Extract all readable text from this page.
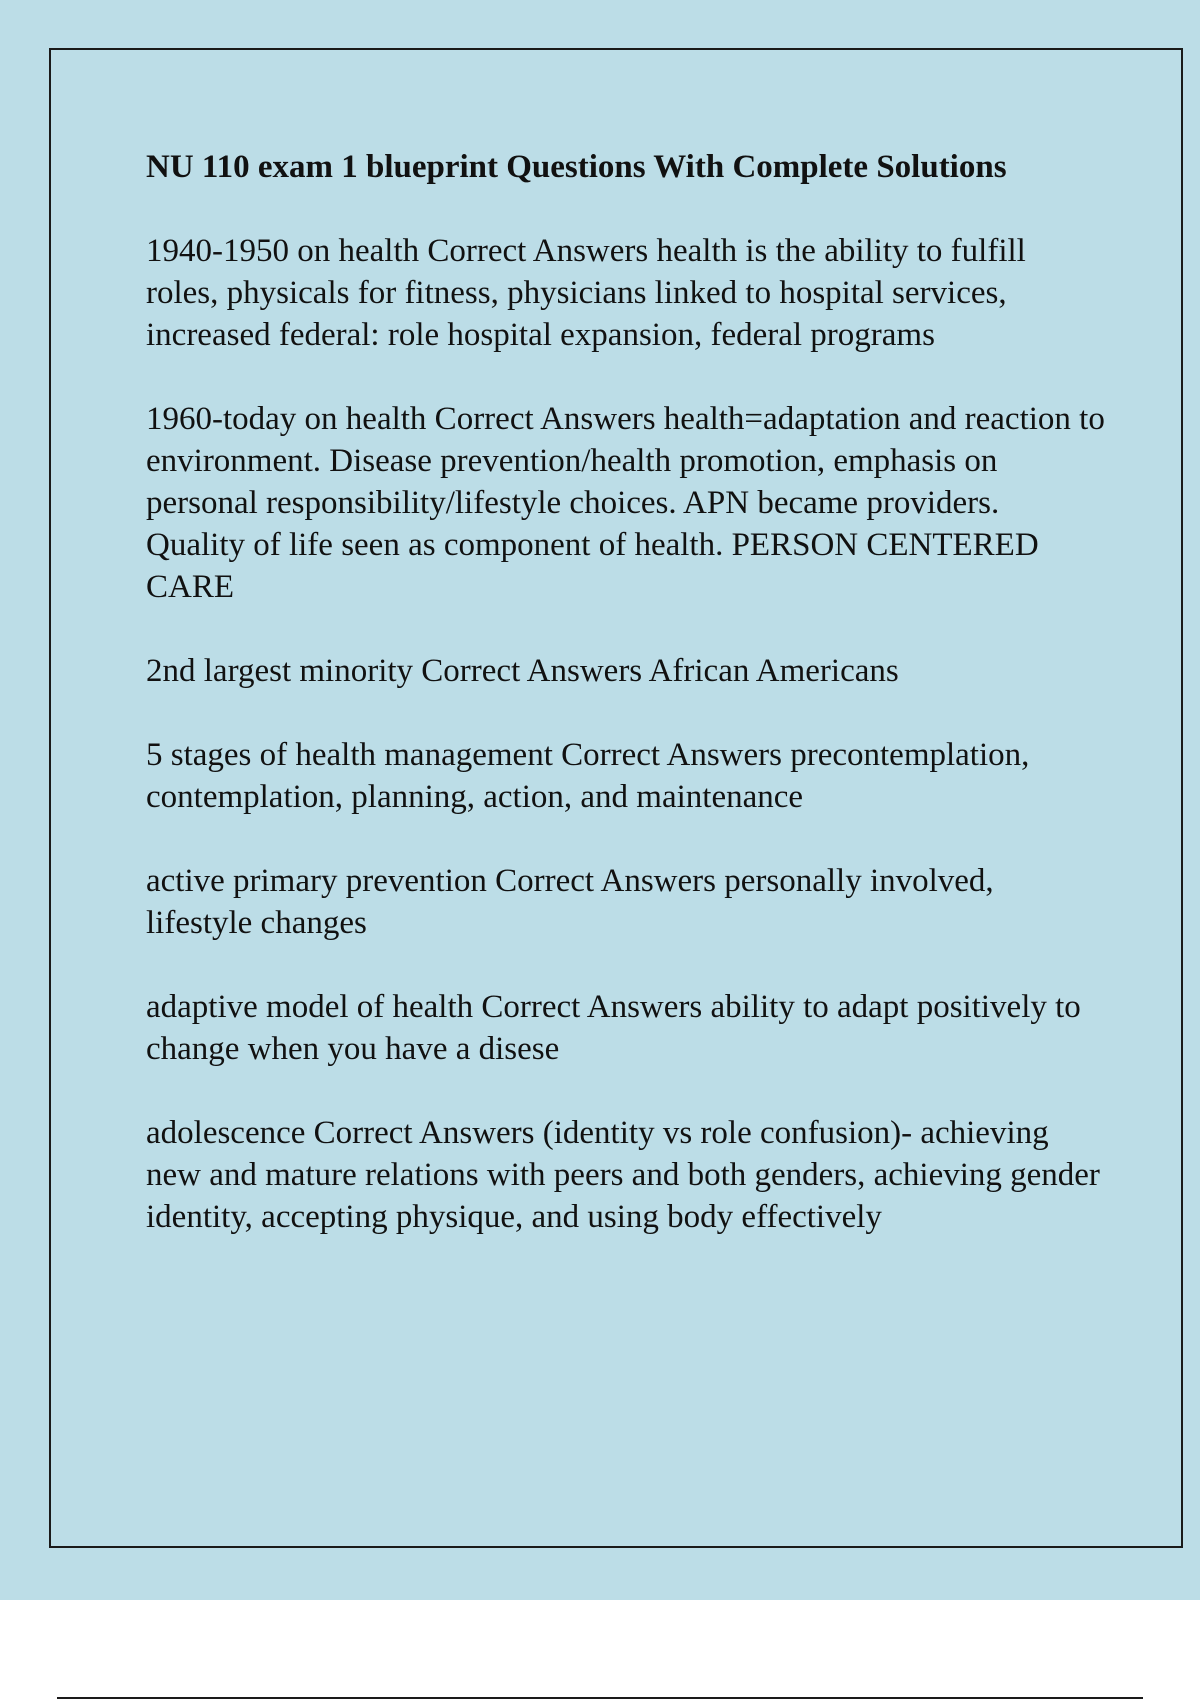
NU 110 exam 1 blueprint Questions With Complete Solutions
1940-1950 on health Correct Answers health is the ability to fulfill roles, physicals for fitness, physicians linked to hospital services, increased federal: role hospital expansion, federal programs
1960-today on health Correct Answers health=adaptation and reaction to environment. Disease prevention/health promotion, emphasis on personal responsibility/lifestyle choices. APN became providers. Quality of life seen as component of health. PERSON CENTERED CARE
2nd largest minority Correct Answers African Americans
5 stages of health management Correct Answers precontemplation, contemplation, planning, action, and maintenance
active primary prevention Correct Answers personally involved, lifestyle changes
adaptive model of health Correct Answers ability to adapt positively to change when you have a disese
adolescence Correct Answers (identity vs role confusion)- achieving new and mature relations with peers and both genders, achieving gender identity, accepting physique, and using body effectively
